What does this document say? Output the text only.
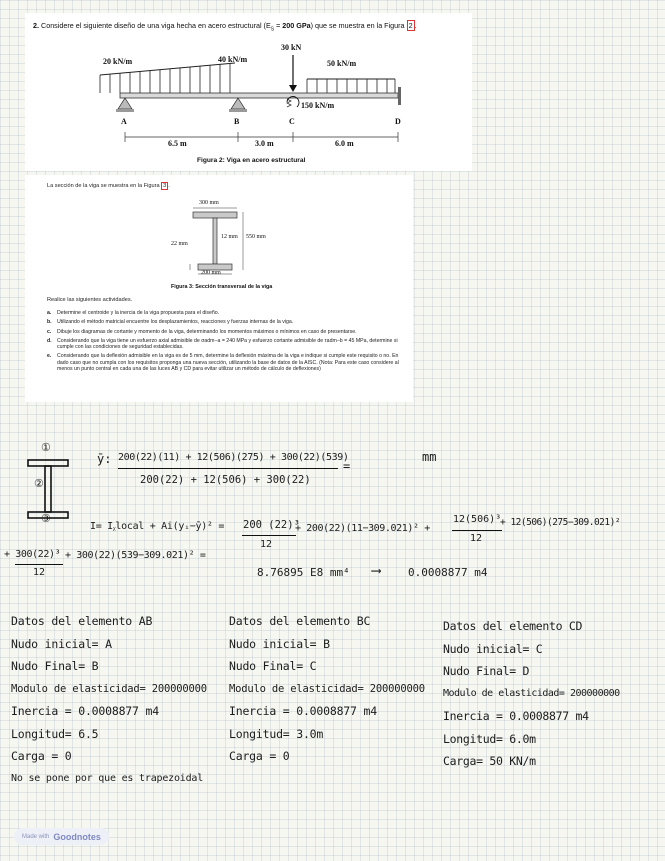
2. Considere el siguiente diseño de una viga hecha en acero estructural ($E_S = 200$ GPa) que se muestra en la Figura 2 .
20 kN/m	40 kN/m
30 kN
50 kN/m
150 kN/m
A	B	C	D
6.5 m	3.0 m	6.0 m
Figura 2: Viga en acero estructural
La sección de la viga se muestra en la Figura 3 .
300 mm
12 mm 550 mm
22 mm
200 mm
Figura 3: Sección transversal de la viga
Realice las siguientes actividades.
a.	Determine el centroide y la inercia de la viga propuesta para el diseño.
b.	Utilizando el método matricial encuentre los desplazamientos, reacciones y fuerzas internas de la viga.
c.	Dibuje los diagramas de cortante y momento de la viga, determinando los momentos máximos o mínimos en caso de presentarse.
d.	Considerando que la viga tiene un esfuerzo axial admisible de σadm−a = 240 MPa y esfuerzo cortante admisible de τadm−b = 45 MPa, determine si cumple con las condiciones de seguridad establecidas.
e.	Considerando que la deflexión admisible en la viga es de 5 mm, determine la deflexión máxima de la viga e indique si cumple este requisito o no. En dado caso que no cumpla con los requisitos proponga una nueva sección, utilizando la base de datos de la AISC. (Nota: Para este caso considere al menos un punto central en cada una de las luces AB y CD para evitar utilizar un método de cálculo de deflexiones)
①
②
③
ȳ: 200(22)(11) + 12(506)(275) + 300(22)(539)
200(22) + 12(506) + 300(22)
=
mm
I= Iᵪlocal + Ai(yᵢ−ȳ)² = 200 (22)³
12
+ 200(22)(11−309.021)² +
12(506)³
12
+ 12(506)(275−309.021)²
+ 300(22)³
12
+ 300(22)(539−309.021)² =
8.76895 E8 mm⁴ ⟶	0.0008877 m4
Datos del elemento AB
Nudo inicial= A
Nudo Final= B
Modulo de elasticidad= 200000000
Inercia = 0.0008877 m4
Longitud= 6.5
Carga = 0
No se pone por que es trapezoidal
Datos del elemento BC
Nudo inicial= B
Nudo Final= C
Modulo de elasticidad= 200000000
Inercia = 0.0008877 m4
Longitud= 3.0m
Carga = 0
Datos del elemento CD
Nudo inicial= C
Nudo Final= D
Modulo de elasticidad= 200000000
Inercia = 0.0008877 m4
Longitud= 6.0m
Carga= 50 KN/m
Made with Goodnotes
